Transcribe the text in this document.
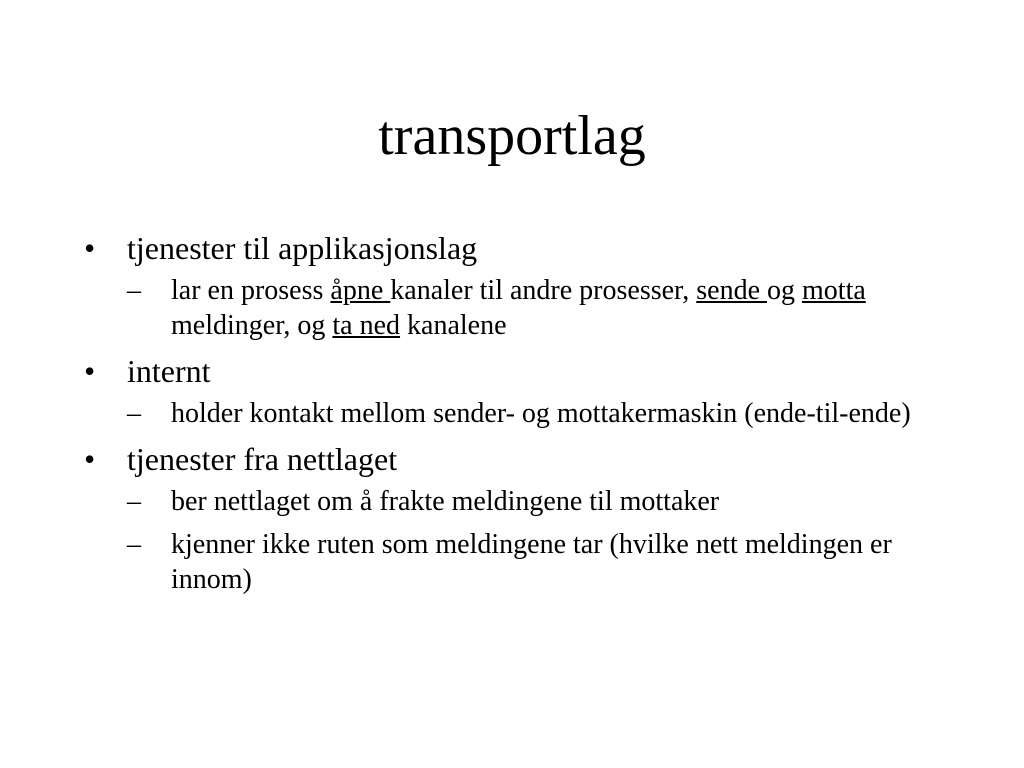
transportlag
• tjenester til applikasjonslag
–	lar en prosess åpne kanaler til andre prosesser, sende og motta meldinger, og ta ned kanalene
• internt
–	holder kontakt mellom sender- og mottakermaskin (ende-til-ende)
• tjenester fra nettlaget
–	ber nettlaget om å frakte meldingene til mottaker
–	kjenner ikke ruten som meldingene tar (hvilke nett meldingen er innom)
